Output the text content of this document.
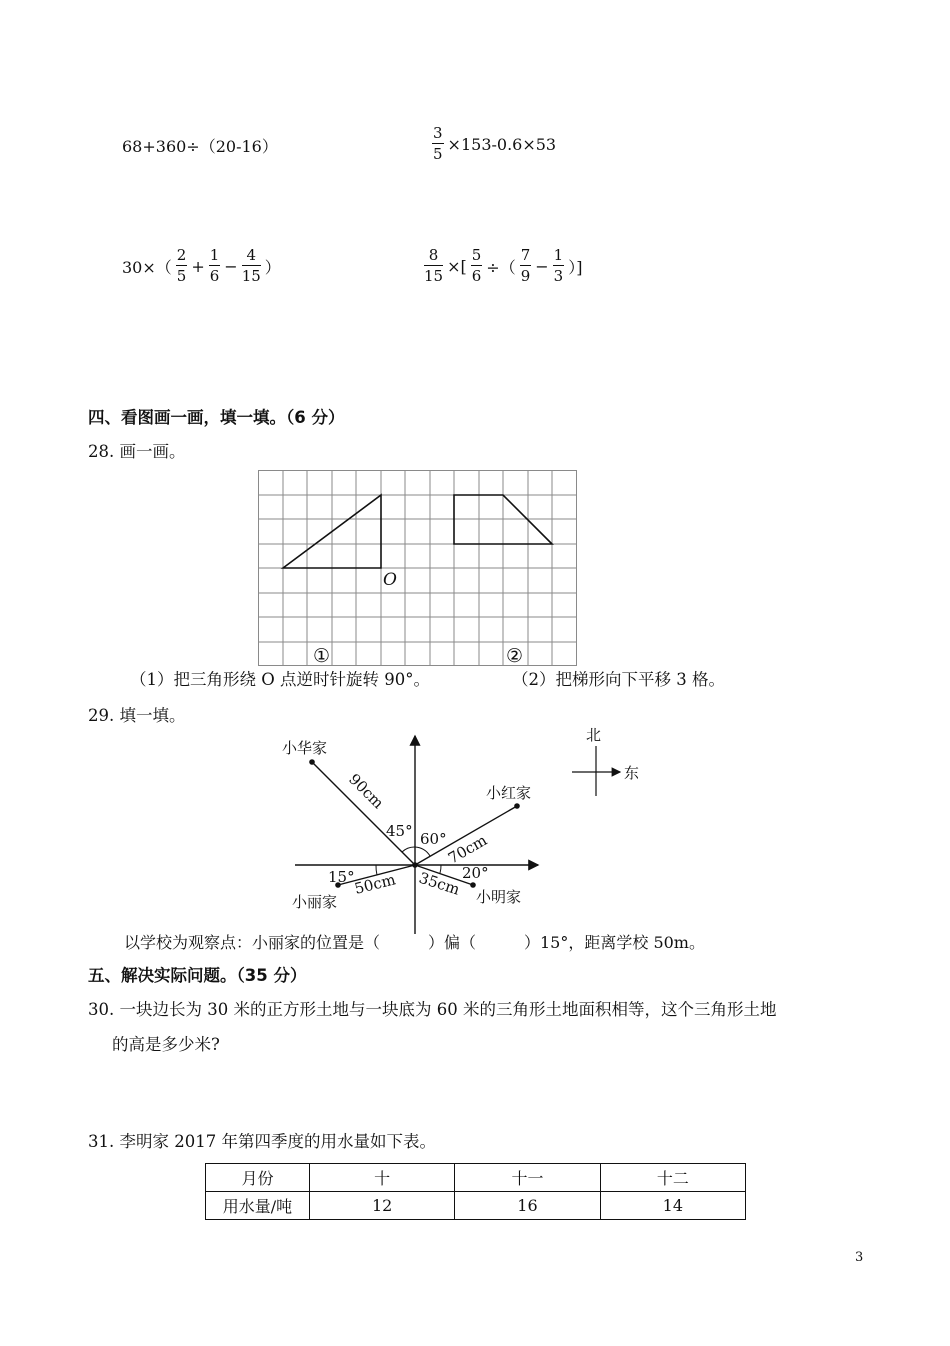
68+360÷（20-16）	$\frac{3}{5} \times 153-0.6\times 53$
$30\times( \frac{2}{5} + \frac{1}{6} - \frac{4}{15}$ ）	$\frac{8}{15}$ ×[ $\frac{5}{6}$ ÷（ $\frac{7}{9} - \frac{1}{3}$ ）]
四、看图画一画，填一填。（6 分）
28. 画一画。
O
①	②
（1）把三角形绕 O 点逆时针旋转 90°。	（2）把梯形向下平移 3 格。
29. 填一填。
小华家
小红家
小丽家	小明家
90cm
70cm
50cm 35cm
45° 60°
15°	20°
北
东
以学校为观察点：小丽家的位置是（　　　）偏（　　　）15°，距离学校 50m。
五、解决实际问题。（35 分）
30. 一块边长为 30 米的正方形土地与一块底为 60 米的三角形土地面积相等，这个三角形土地
的高是多少米?
31. 李明家 2017 年第四季度的用水量如下表。
月份	十	十一	十二
用水量/吨	12	16	14
3
